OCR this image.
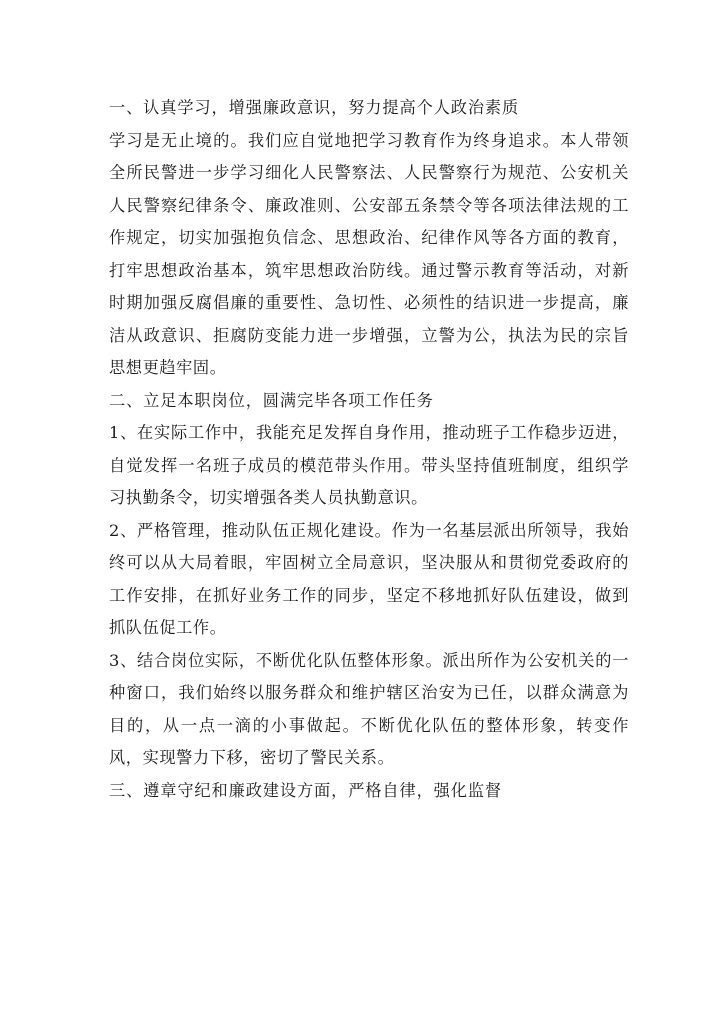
一、认真学习，增强廉政意识，努力提高个人政治素质

学习是无止境的。我们应自觉地把学习教育作为终身追求。本人带领全所民警进一步学习细化人民警察法、人民警察行为规范、公安机关人民警察纪律条令、廉政准则、公安部五条禁令等各项法律法规的工作规定，切实加强抱负信念、思想政治、纪律作风等各方面的教育，打牢思想政治基本，筑牢思想政治防线。通过警示教育等活动，对新时期加强反腐倡廉的重要性、急切性、必须性的结识进一步提高，廉洁从政意识、拒腐防变能力进一步增强，立警为公，执法为民的宗旨思想更趋牢固。

二、立足本职岗位，圆满完毕各项工作任务

1、在实际工作中，我能充足发挥自身作用，推动班子工作稳步迈进，自觉发挥一名班子成员的模范带头作用。带头坚持值班制度，组织学习执勤条令，切实增强各类人员执勤意识。

2、严格管理，推动队伍正规化建设。作为一名基层派出所领导，我始终可以从大局着眼，牢固树立全局意识，坚决服从和贯彻党委政府的工作安排，在抓好业务工作的同步，坚定不移地抓好队伍建设，做到抓队伍促工作。

3、结合岗位实际，不断优化队伍整体形象。派出所作为公安机关的一种窗口，我们始终以服务群众和维护辖区治安为已任，以群众满意为目的，从一点一滴的小事做起。不断优化队伍的整体形象，转变作风，实现警力下移，密切了警民关系。

三、遵章守纪和廉政建设方面，严格自律，强化监督
